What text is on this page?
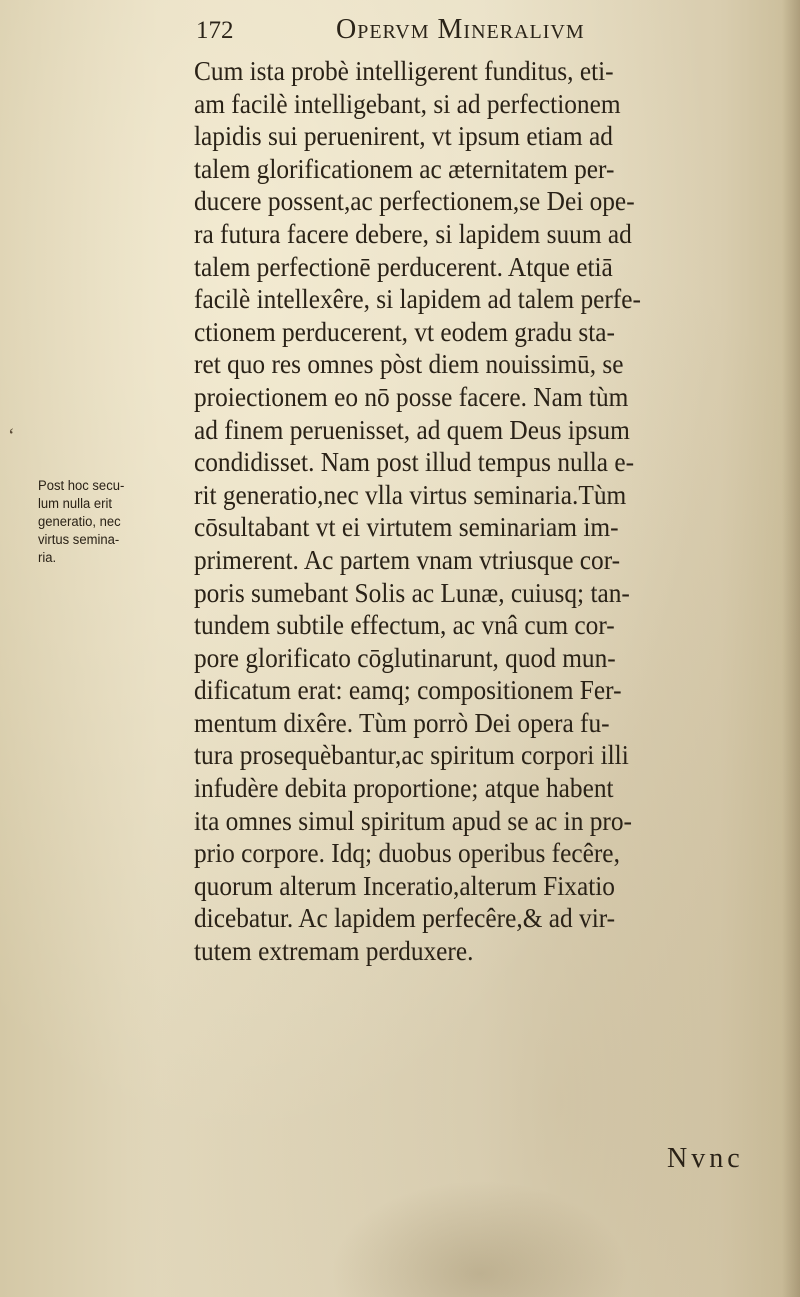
172	Opervm Mineralivm
ʻ
Post hoc secu-
lum nulla erit
generatio, nec
virtus semina-
ria.
Cum ista probè intelligerent funditus, eti-
am facilè intelligebant, si ad perfectionem
lapidis sui peruenirent, vt ipsum etiam ad
talem glorificationem ac æternitatem per-
ducere possent,ac perfectionem,se Dei ope-
ra futura facere debere, si lapidem suum ad
talem perfectionē perducerent. Atque etiā
facilè intellexêre, si lapidem ad talem perfe-
ctionem perducerent, vt eodem gradu sta-
ret quo res omnes pòst diem nouissimū, se
proiectionem eo nō posse facere. Nam tùm
ad finem peruenisset, ad quem Deus ipsum
condidisset. Nam post illud tempus nulla e-
rit generatio,nec vlla virtus seminaria.Tùm
cōsultabant vt ei virtutem seminariam im-
primerent. Ac partem vnam vtriusque cor-
poris sumebant Solis ac Lunæ, cuiusq; tan-
tundem subtile effectum, ac vnâ cum cor-
pore glorificato cōglutinarunt, quod mun-
dificatum erat: eamq; compositionem Fer-
mentum dixêre. Tùm porrò Dei opera fu-
tura prosequèbantur,ac spiritum corpori illi
infudère debita proportione; atque habent
ita omnes simul spiritum apud se ac in pro-
prio corpore. Idq; duobus operibus fecêre,
quorum alterum Inceratio,alterum Fixatio
dicebatur. Ac lapidem perfecêre,& ad vir-
tutem extremam perduxere.
Nvnc
